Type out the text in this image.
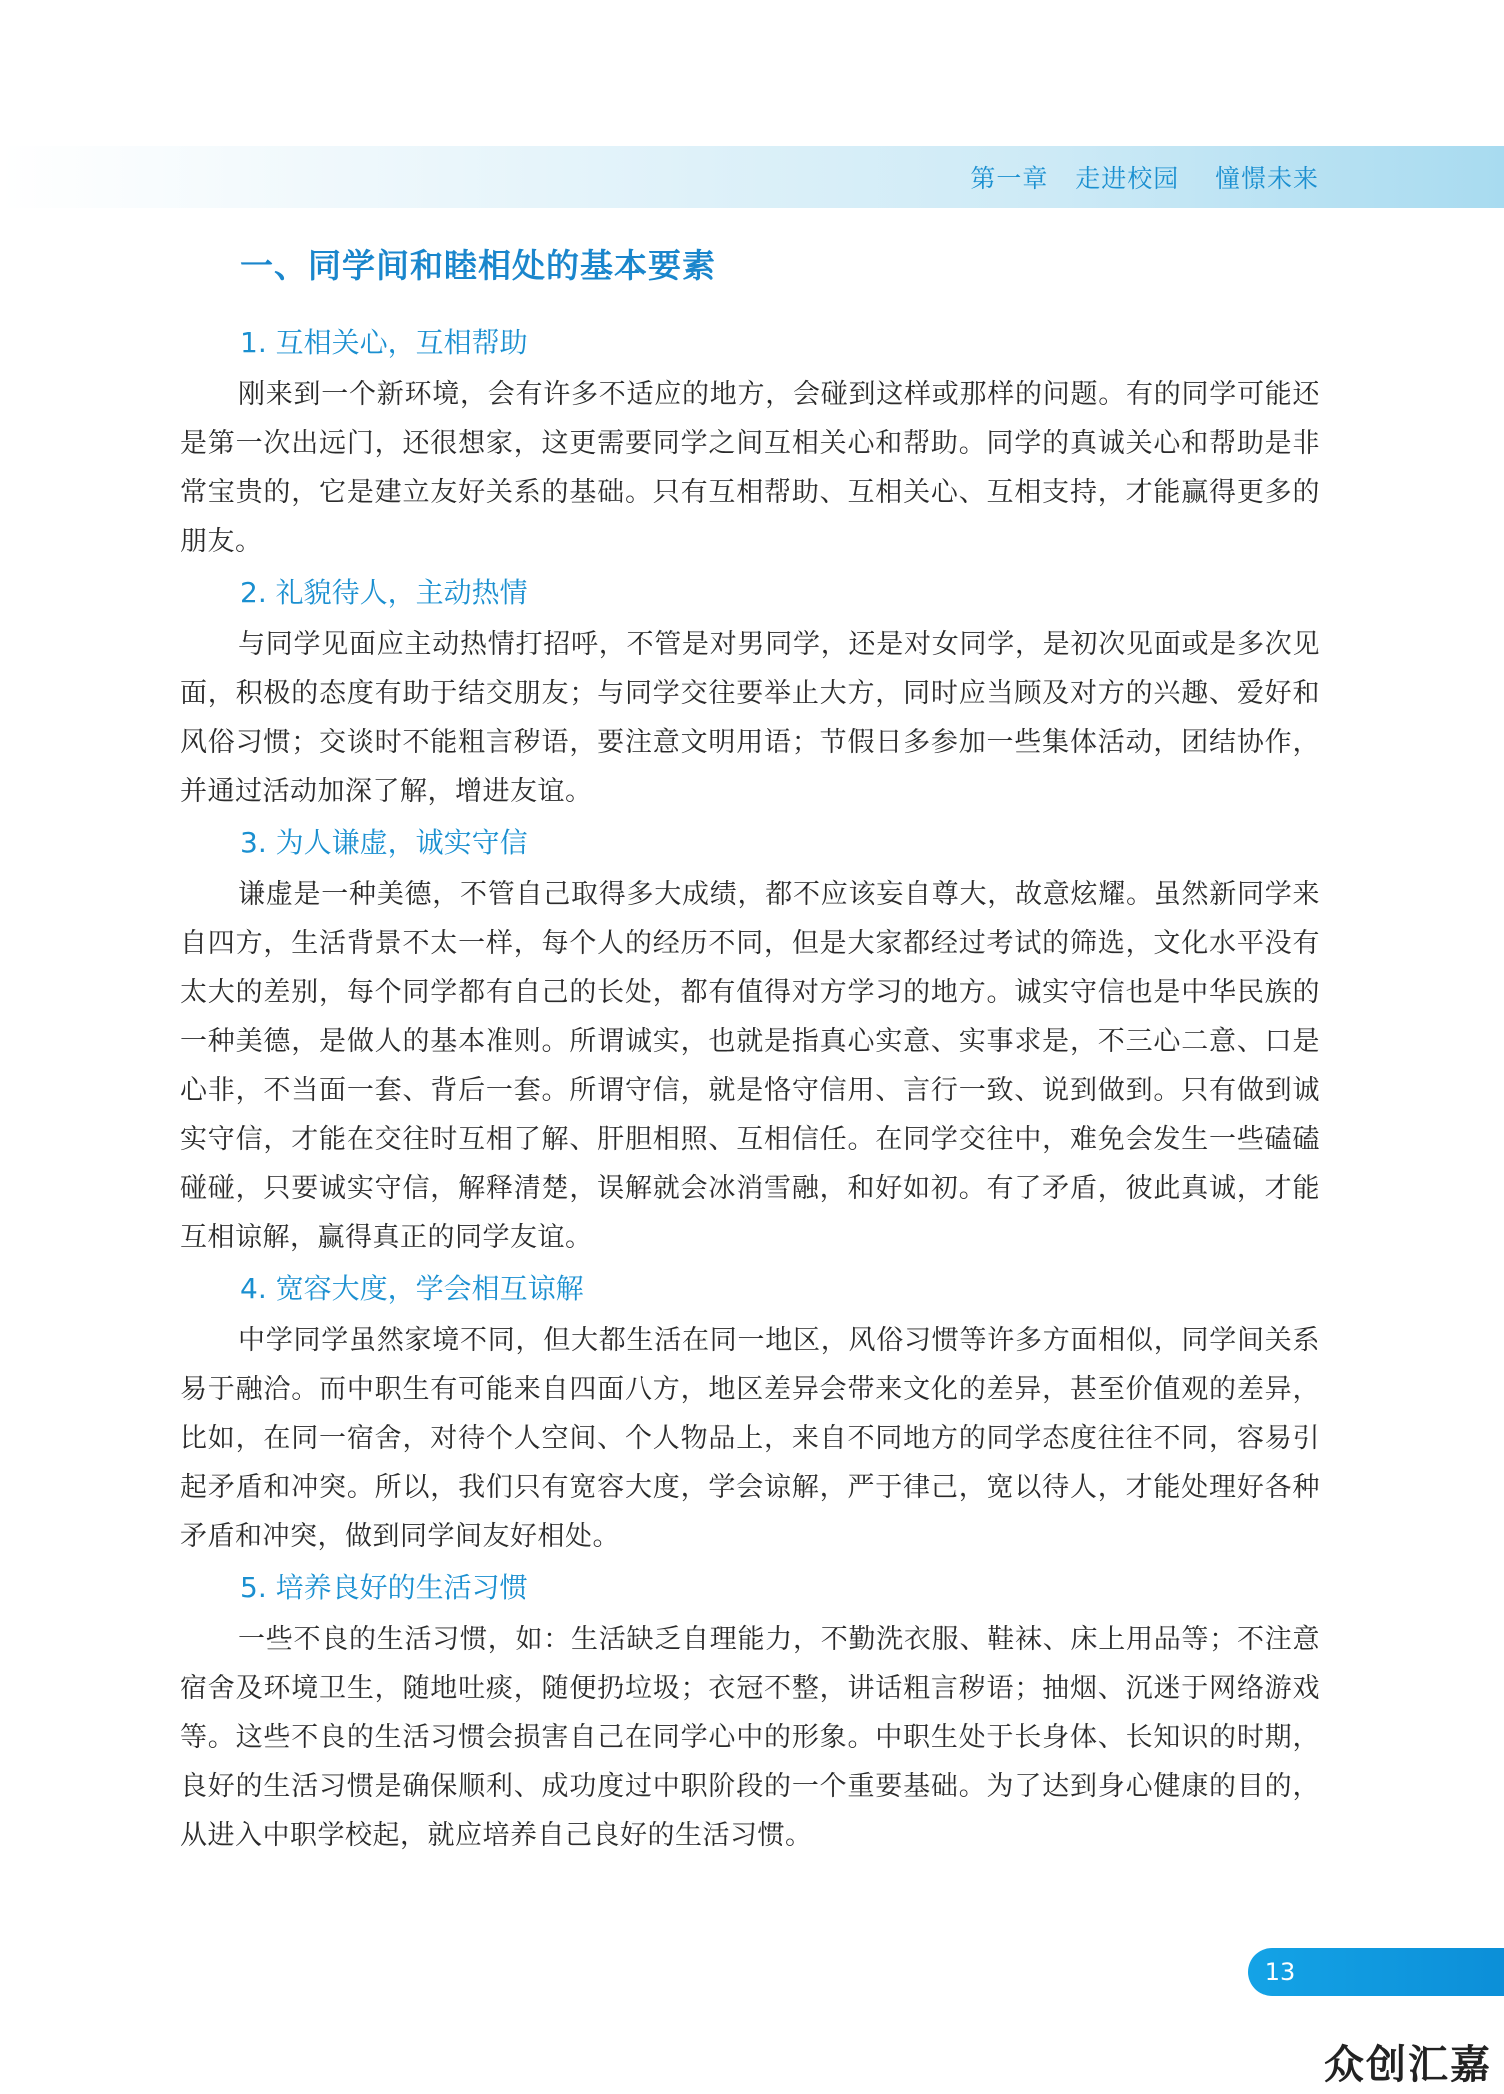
第一章   走进校园    憧憬未来
一、同学间和睦相处的基本要素
1. 互相关心，互相帮助

刚来到一个新环境，会有许多不适应的地方，会碰到这样或那样的问题。有的同学可能还是第一次出远门，还很想家，这更需要同学之间互相关心和帮助。同学的真诚关心和帮助是非常宝贵的，它是建立友好关系的基础。只有互相帮助、互相关心、互相支持，才能赢得更多的朋友。

2. 礼貌待人，主动热情

与同学见面应主动热情打招呼，不管是对男同学，还是对女同学，是初次见面或是多次见面，积极的态度有助于结交朋友；与同学交往要举止大方，同时应当顾及对方的兴趣、爱好和风俗习惯；交谈时不能粗言秽语，要注意文明用语；节假日多参加一些集体活动，团结协作，并通过活动加深了解，增进友谊。

3. 为人谦虚，诚实守信

谦虚是一种美德，不管自己取得多大成绩，都不应该妄自尊大，故意炫耀。虽然新同学来自四方，生活背景不太一样，每个人的经历不同，但是大家都经过考试的筛选，文化水平没有太大的差别，每个同学都有自己的长处，都有值得对方学习的地方。诚实守信也是中华民族的一种美德，是做人的基本准则。所谓诚实，也就是指真心实意、实事求是，不三心二意、口是心非，不当面一套、背后一套。所谓守信，就是恪守信用、言行一致、说到做到。只有做到诚实守信，才能在交往时互相了解、肝胆相照、互相信任。在同学交往中，难免会发生一些磕磕碰碰，只要诚实守信，解释清楚，误解就会冰消雪融，和好如初。有了矛盾，彼此真诚，才能互相谅解，赢得真正的同学友谊。

4. 宽容大度，学会相互谅解

中学同学虽然家境不同，但大都生活在同一地区，风俗习惯等许多方面相似，同学间关系易于融洽。而中职生有可能来自四面八方，地区差异会带来文化的差异，甚至价值观的差异，比如，在同一宿舍，对待个人空间、个人物品上，来自不同地方的同学态度往往不同，容易引起矛盾和冲突。所以，我们只有宽容大度，学会谅解，严于律己，宽以待人，才能处理好各种矛盾和冲突，做到同学间友好相处。

5. 培养良好的生活习惯

一些不良的生活习惯，如：生活缺乏自理能力，不勤洗衣服、鞋袜、床上用品等；不注意宿舍及环境卫生，随地吐痰，随便扔垃圾；衣冠不整，讲话粗言秽语；抽烟、沉迷于网络游戏等。这些不良的生活习惯会损害自己在同学心中的形象。中职生处于长身体、长知识的时期，良好的生活习惯是确保顺利、成功度过中职阶段的一个重要基础。为了达到身心健康的目的，从进入中职学校起，就应培养自己良好的生活习惯。

13
众创汇嘉
